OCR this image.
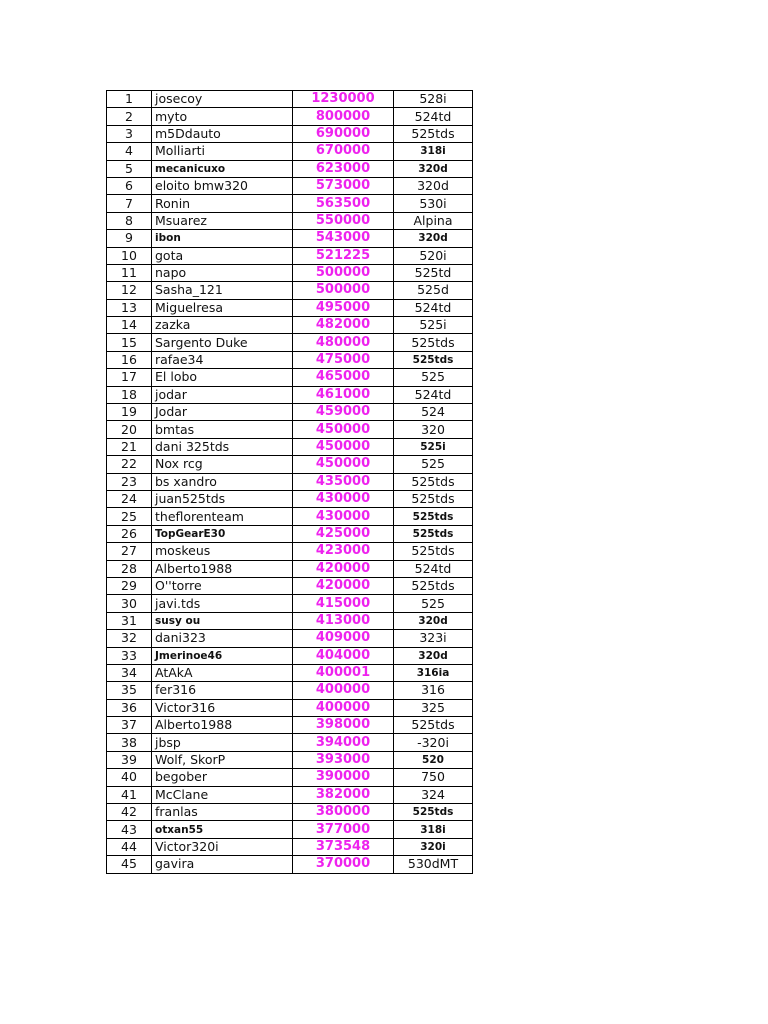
1	josecoy	1230000	528i
2	myto	800000	524td
3	m5Ddauto	690000	525tds
4	Molliarti	670000	318i
5	mecanicuxo	623000	320d
6	eloito bmw320	573000	320d
7	Ronin	563500	530i
8	Msuarez	550000	Alpina
9	ibon	543000	320d
10	gota	521225	520i
11	napo	500000	525td
12	Sasha_121	500000	525d
13	Miguelresa	495000	524td
14	zazka	482000	525i
15	Sargento Duke	480000	525tds
16	rafae34	475000	525tds
17	El lobo	465000	525
18	jodar	461000	524td
19	Jodar	459000	524
20	bmtas	450000	320
21	dani 325tds	450000	525i
22	Nox rcg	450000	525
23	bs xandro	435000	525tds
24	juan525tds	430000	525tds
25	theflorenteam	430000	525tds
26	TopGearE30	425000	525tds
27	moskeus	423000	525tds
28	Alberto1988	420000	524td
29	O''torre	420000	525tds
30	javi.tds	415000	525
31	susy ou	413000	320d
32	dani323	409000	323i
33	Jmerinoe46	404000	320d
34	AtAkA	400001	316ia
35	fer316	400000	316
36	Victor316	400000	325
37	Alberto1988	398000	525tds
38	jbsp	394000	-320i
39	Wolf, SkorP	393000	520
40	begober	390000	750
41	McClane	382000	324
42	franlas	380000	525tds
43	otxan55	377000	318i
44	Victor320i	373548	320i
45	gavira	370000	530dMT
